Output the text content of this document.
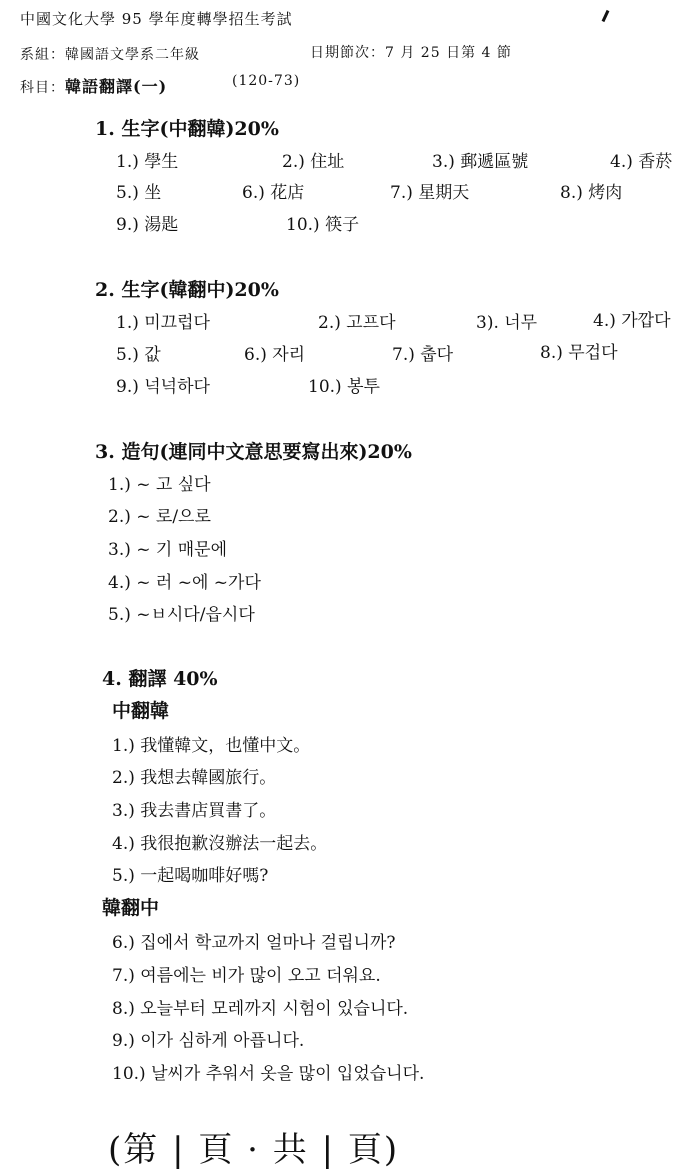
中國文化大學 95 學年度轉學招生考試
系組：韓國語文學系二年級	日期節次：7 月 25 日第 4 節
科目：韓語翻譯(一)	(120-73)
1. 生字(中翻韓)20%
1.) 學生	2.) 住址	3.) 郵遞區號	4.) 香菸
5.) 坐	6.) 花店	7.) 星期天	8.) 烤肉
9.) 湯匙	10.) 筷子
2. 生字(韓翻中)20%
1.) 미끄럽다	2.) 고프다	3). 너무	4.) 가깝다
5.) 값	6.) 자리	7.) 춥다	8.) 무겁다
9.) 넉넉하다	10.) 봉투
3. 造句(連同中文意思要寫出來)20%
1.) ~ 고 싶다
2.) ~ 로/으로
3.) ~ 기 매문에
4.) ~ 러 ~에 ~가다
5.) ~ㅂ시다/읍시다
4. 翻譯 40%
中翻韓
1.) 我懂韓文，也懂中文。
2.) 我想去韓國旅行。
3.) 我去書店買書了。
4.) 我很抱歉沒辦法一起去。
5.) 一起喝咖啡好嗎?
韓翻中
6.) 집에서 학교까지 얼마나 걸립니까?
7.) 여름에는 비가 많이 오고 더워요.
8.) 오늘부터 모레까지 시험이 있습니다.
9.) 이가 심하게 아픕니다.
10.) 날씨가 추워서 옷을 많이 입었습니다.
(第 | 頁 · 共 | 頁)
